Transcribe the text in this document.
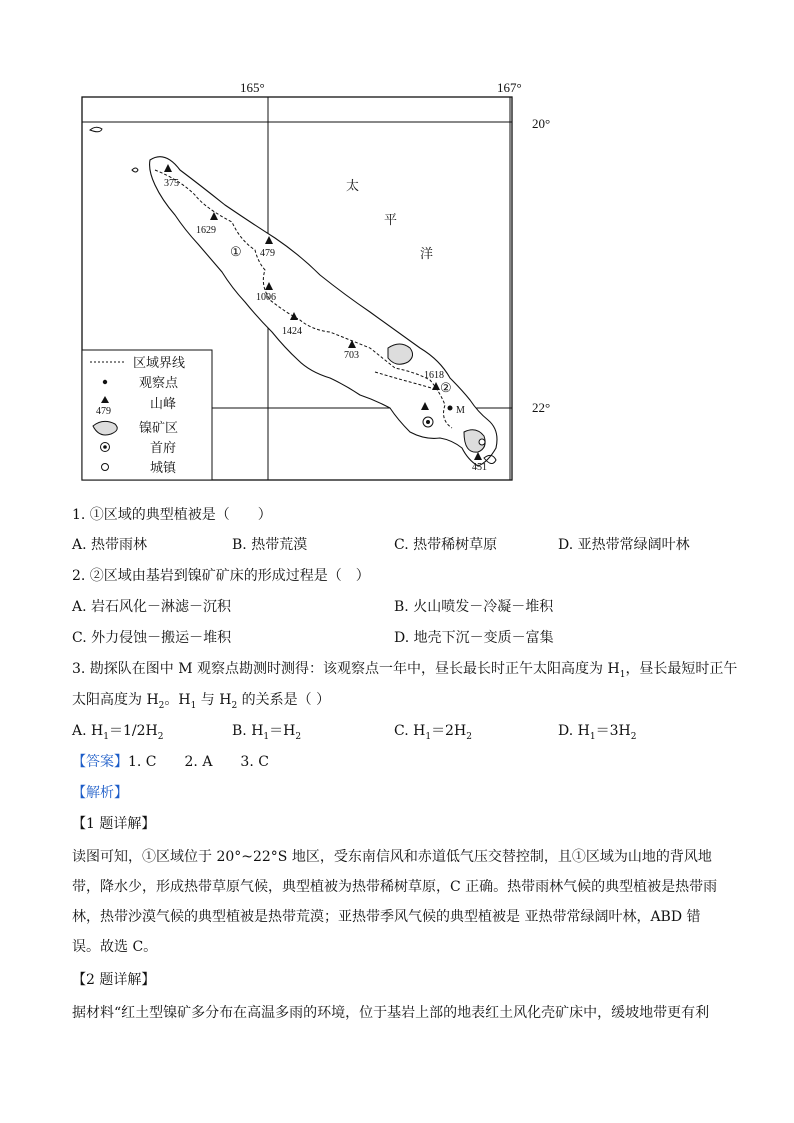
165°	167°
20°
22°
375
1629
479
1006
1424
703
1618
451
①
②
M
太
平
洋
区域界线
观察点
479	山峰
镍矿区
首府
城镇
1. ①区域的典型植被是（　　）
A. 热带雨林	B. 热带荒漠	C. 热带稀树草原	D. 亚热带常绿阔叶林
2. ②区域由基岩到镍矿矿床的形成过程是（　）
A. 岩石风化－淋滤－沉积	B. 火山喷发－冷凝－堆积
C. 外力侵蚀－搬运－堆积	D. 地壳下沉－变质－富集
3. 勘探队在图中 M 观察点勘测时测得：该观察点一年中，昼长最长时正午太阳高度为 $H_1$，昼长最短时正午
太阳高度为 $H_2$。$H_1$ 与 $H_2$ 的关系是（ ）
A. $H_1=1/2H_2$	B. $H_1=H_2$	C. $H_1=2H_2$	D. $H_1=3H_2$
【答案】1. C　　2. A　　3. C
【解析】
【1 题详解】
读图可知，①区域位于 20°~22°S 地区，受东南信风和赤道低气压交替控制，且①区域为山地的背风地带，降水少，形成热带草原气候，典型植被为热带稀树草原，C 正确。热带雨林气候的典型植被是热带雨林，热带沙漠气候的典型植被是热带荒漠；亚热带季风气候的典型植被是 亚热带常绿阔叶林，ABD 错误。故选 C。
【2 题详解】
据材料“红土型镍矿多分布在高温多雨的环境，位于基岩上部的地表红土风化壳矿床中，缓坡地带更有利
